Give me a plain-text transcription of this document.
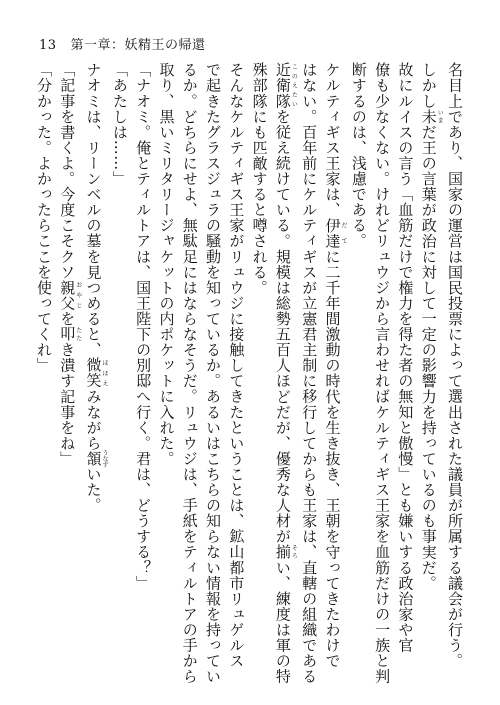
13 第一章：妖精王の帰還
名目上であり、国家の運営は国民投票によって選出された議員が所属する議会が行う。
しかし未いまだ王の言葉が政治に対して一定の影響力を持っているのも事実だ。
故にルイスの言う「血筋だけで権力を得た者の無知と傲慢」とも嫌いする政治家や官
僚も少なくない。けれどリュウジから言わせればケルティギス王家を血筋だけの一族と判
断するのは、浅慮である。
ケルティギス王家は、伊達だてに二千年間激動の時代を生き抜き、王朝を守ってきたわけで
はない。百年前にケルティギスが立憲君主制に移行してからも王家は、直轄の組織である
近衛隊このえたいを従え続けている。規模は総勢五百人ほどだが、優秀な人材が揃そろい、練度は軍の特
殊部隊にも匹敵すると噂される。
そんなケルティギス王家がリュウジに接触してきたということは、鉱山都市リュゲルス
で起きたグラスジュラの騒動を知っているか。あるいはこちらの知らない情報を持ってい
るか。どちらにせよ、無駄足にはならなそうだ。リュウジは、手紙をティルトアの手から
取り、黒いミリタリージャケットの内ポケットに入れた。
「ナオミ。俺とティルトアは、国王陛下の別邸へ行く。君は、どうする？」
「あたしは……」
ナオミは、リーンベルの墓を見つめると、微笑ほほえみながら頷うなずいた。
「記事を書くよ。今度こそクソ親父おやじを叩たたき潰す記事をね」
「分かった。よかったらここを使ってくれ」
